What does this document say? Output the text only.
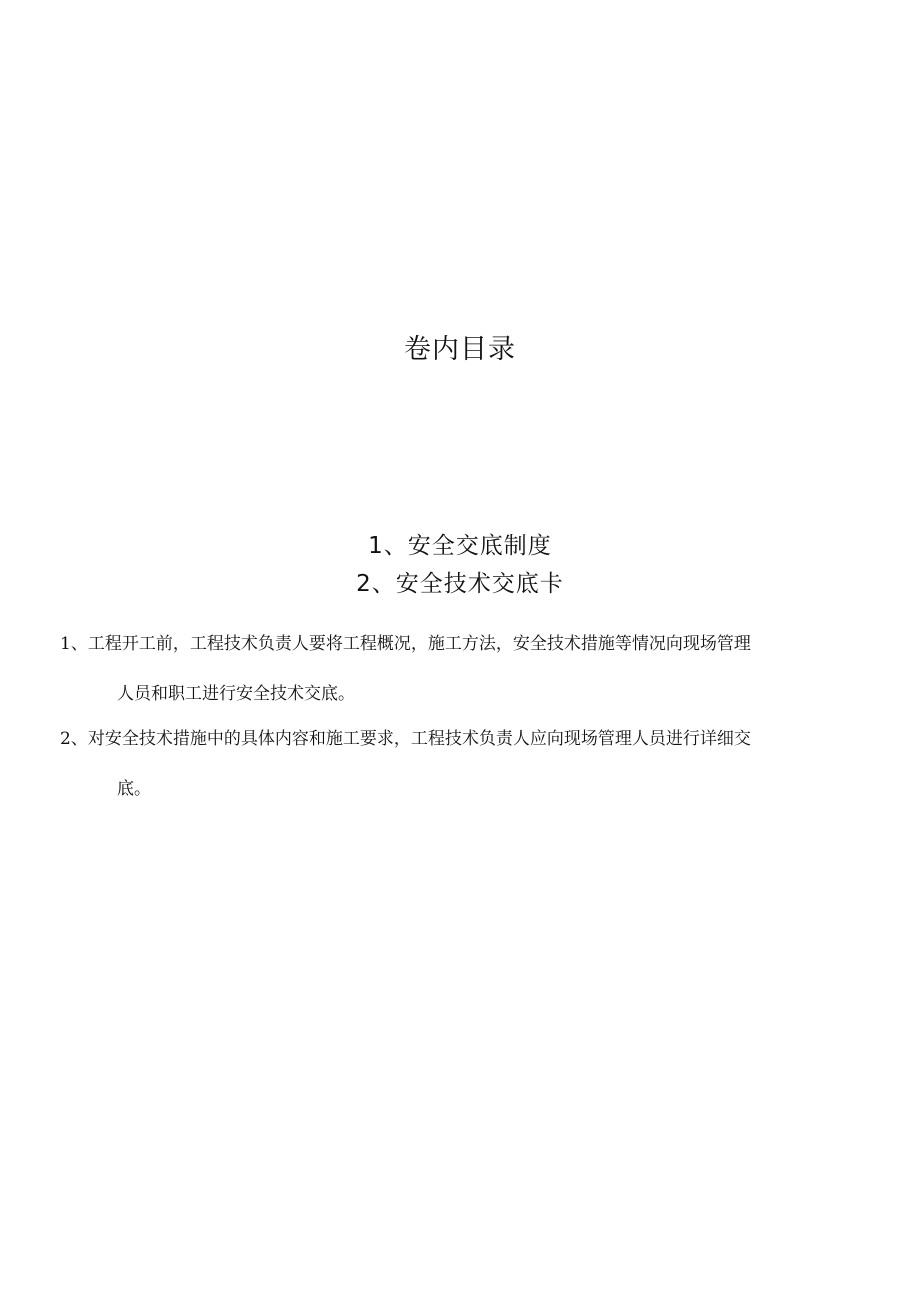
卷内目录
1、安全交底制度
2、安全技术交底卡
1、工程开工前，工程技术负责人要将工程概况，施工方法，安全技术措施等情况向现场管理
人员和职工进行安全技术交底。
2、对安全技术措施中的具体内容和施工要求，工程技术负责人应向现场管理人员进行详细交
底。
